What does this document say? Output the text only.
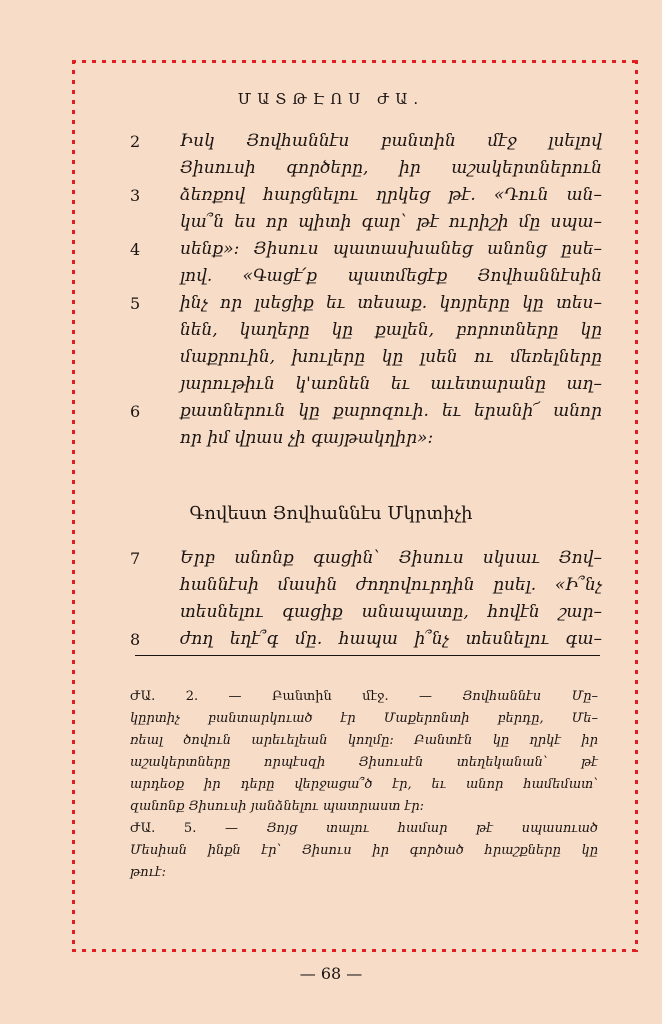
ՄԱՏԹԷՈՍ ԺԱ.
2	Իսկ Յովհաննէս բանտին մէջ լսելով
Յիսուսի գործերը, իր աշակերտներուն
3	ձեռքով հարցնելու ղրկեց թէ. «Դուն ան–
կա՞ն ես որ պիտի գար՝ թէ ուրիշի մը սպա–
4	սենք»: Յիսուս պատասխանեց անոնց ըսե–
լով. «Գացէ՛ք պատմեցէք Յովհաննէսին
5	ինչ որ լսեցիք եւ տեսաք. կոյրերը կը տես–
նեն, կաղերը կը քալեն, բորոտները կը
մաքրուին, խուլերը կը լսեն ու մեռելները
յարութիւն կ'առնեն եւ աւետարանը աղ–
6	քատներուն կը քարոզուի. եւ երանի՜ անոր
որ իմ վրաս չի գայթակղիր»:
Գովեստ Յովհաննէս Մկրտիչի
7	Երբ անոնք գացին՝ Յիսուս սկսաւ Յով–
հաննէսի մասին ժողովուրդին ըսել. «Ի՞նչ
տեսնելու գացիք անապատը, հովէն շար–
8	ժող եղէ՞գ մը. հապա ի՞նչ տեսնելու գա–
ԺԱ. 2. — Բանտին մէջ. — Յովհաննէս Մը–
կըրտիչ բանտարկուած էր Մաքերոնտի բերդը, Մե–
ռեալ ծովուն արեւելեան կողմը: Բանտէն կը ղրկէ իր
աշակերտները որպէսզի Յիսուսէն տեղեկանան՝ թէ
արդեօք իր դերը վերջացա՞ծ էր, եւ անոր համեմատ՝
զանոնք Յիսուսի յանձնելու պատրաստ էր:
ԺԱ. 5. — Յոյց տալու համար թէ սպասուած
Մեսիան ինքն էր՝ Յիսուս իր գործած հրաշքները կը
թուէ:
— 68 —
